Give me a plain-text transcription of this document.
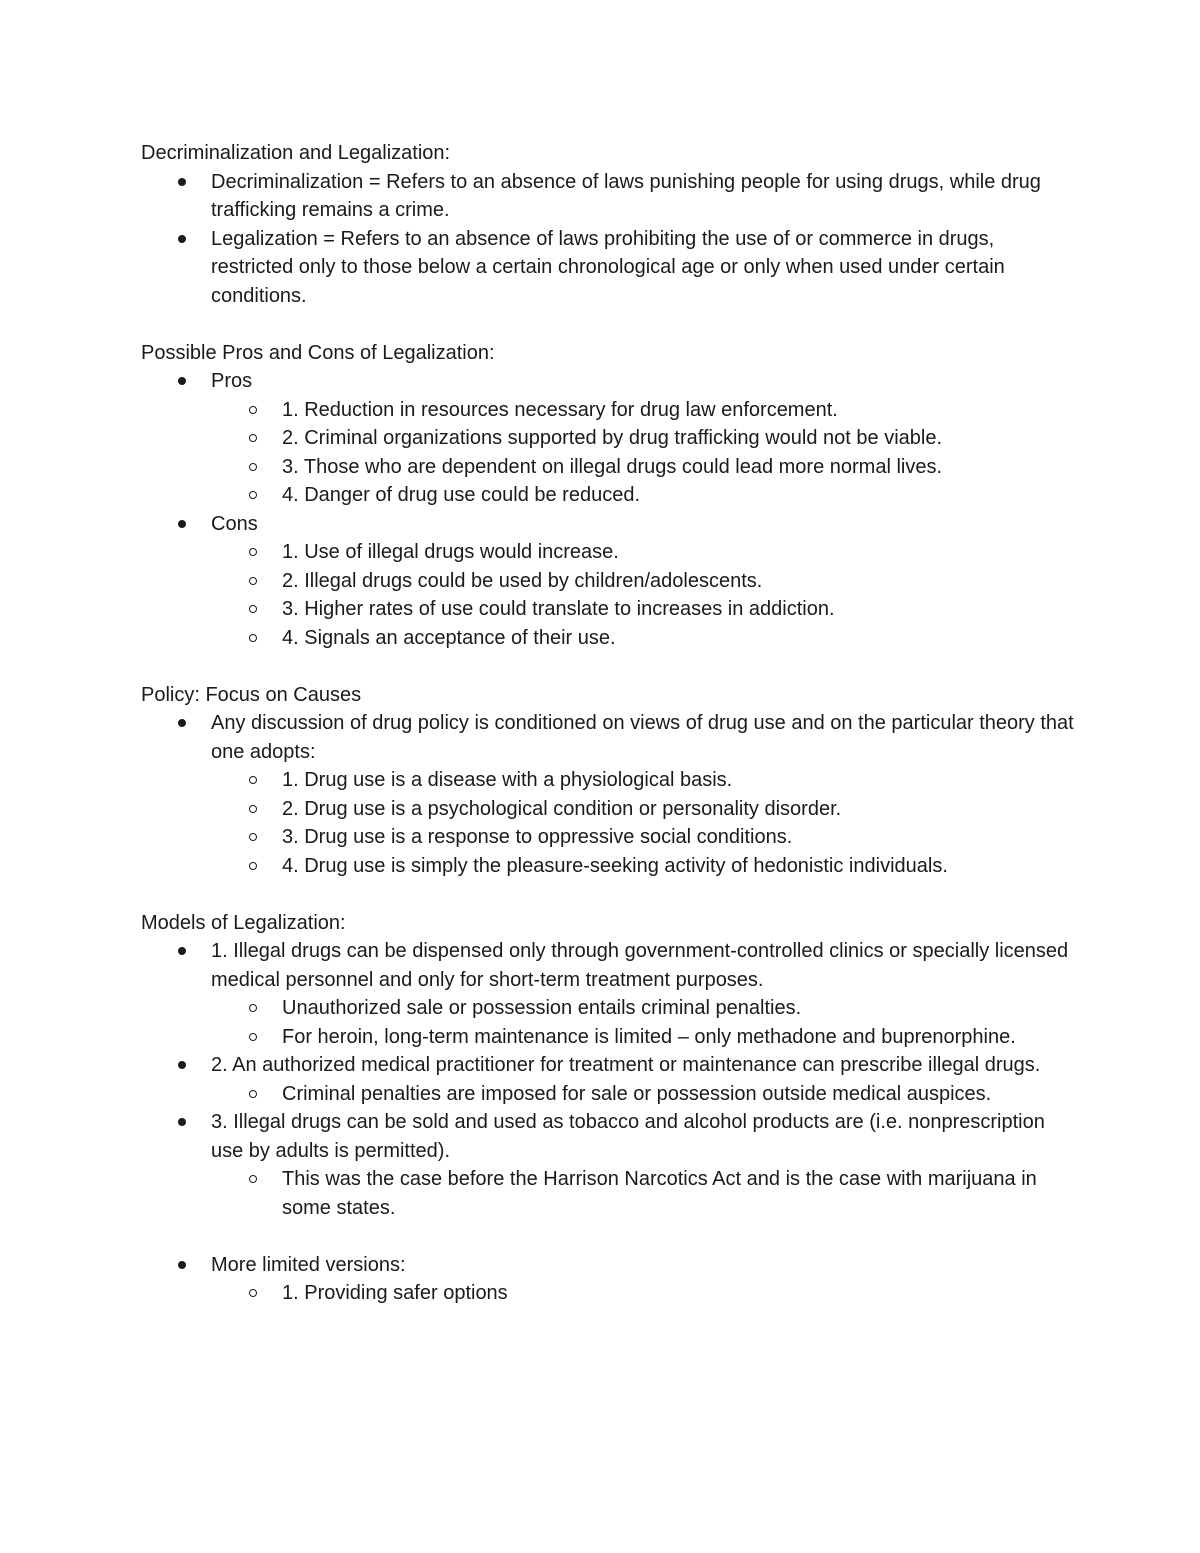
Decriminalization and Legalization:

Decriminalization = Refers to an absence of laws punishing people for using drugs, while drug trafficking remains a crime.
Legalization = Refers to an absence of laws prohibiting the use of or commerce in drugs, restricted only to those below a certain chronological age or only when used under certain conditions.

Possible Pros and Cons of Legalization:

Pros
1. Reduction in resources necessary for drug law enforcement.
2. Criminal organizations supported by drug trafficking would not be viable.
3. Those who are dependent on illegal drugs could lead more normal lives.
4. Danger of drug use could be reduced.
Cons
1. Use of illegal drugs would increase.
2. Illegal drugs could be used by children/adolescents.
3. Higher rates of use could translate to increases in addiction.
4. Signals an acceptance of their use.

Policy: Focus on Causes

Any discussion of drug policy is conditioned on views of drug use and on the particular theory that one adopts:
1. Drug use is a disease with a physiological basis.
2. Drug use is a psychological condition or personality disorder.
3. Drug use is a response to oppressive social conditions.
4. Drug use is simply the pleasure-seeking activity of hedonistic individuals.

Models of Legalization:

1. Illegal drugs can be dispensed only through government-controlled clinics or specially licensed medical personnel and only for short-term treatment purposes.
Unauthorized sale or possession entails criminal penalties.
For heroin, long-term maintenance is limited – only methadone and buprenorphine.
2. An authorized medical practitioner for treatment or maintenance can prescribe illegal drugs.
Criminal penalties are imposed for sale or possession outside medical auspices.
3. Illegal drugs can be sold and used as tobacco and alcohol products are (i.e. nonprescription use by adults is permitted).
This was the case before the Harrison Narcotics Act and is the case with marijuana in some states.
More limited versions:
1. Providing safer options
